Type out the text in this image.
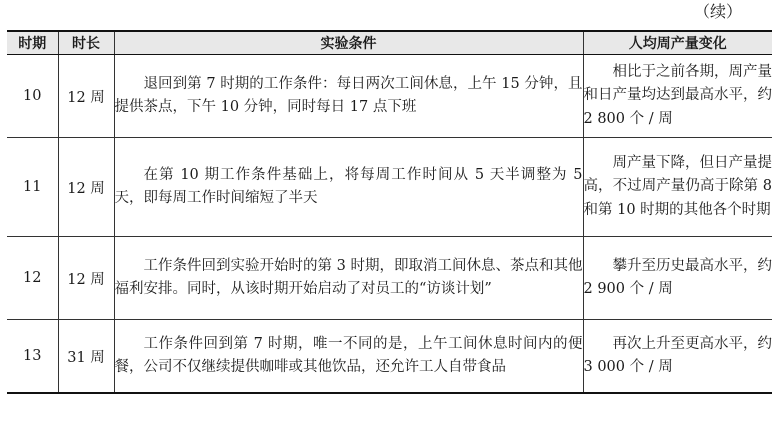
（续）
时期	时长	实验条件	人均周产量变化
10	12 周	退回到第 7 时期的工作条件：每日两次工间休息，上午 15 分钟，且提供茶点，下午 10 分钟，同时每日 17 点下班	相比于之前各期，周产量和日产量均达到最高水平，约 2 800 个 / 周
11	12 周	在第 10 期工作条件基础上，将每周工作时间从 5 天半调整为 5 天，即每周工作时间缩短了半天	周产量下降，但日产量提高，不过周产量仍高于除第 8 和第 10 时期的其他各个时期
12	12 周	工作条件回到实验开始时的第 3 时期，即取消工间休息、茶点和其他福利安排。同时，从该时期开始启动了对员工的“访谈计划”	攀升至历史最高水平，约 2 900 个 / 周
13	31 周	工作条件回到第 7 时期，唯一不同的是，上午工间休息时间内的便餐，公司不仅继续提供咖啡或其他饮品，还允许工人自带食品	再次上升至更高水平，约 3 000 个 / 周
